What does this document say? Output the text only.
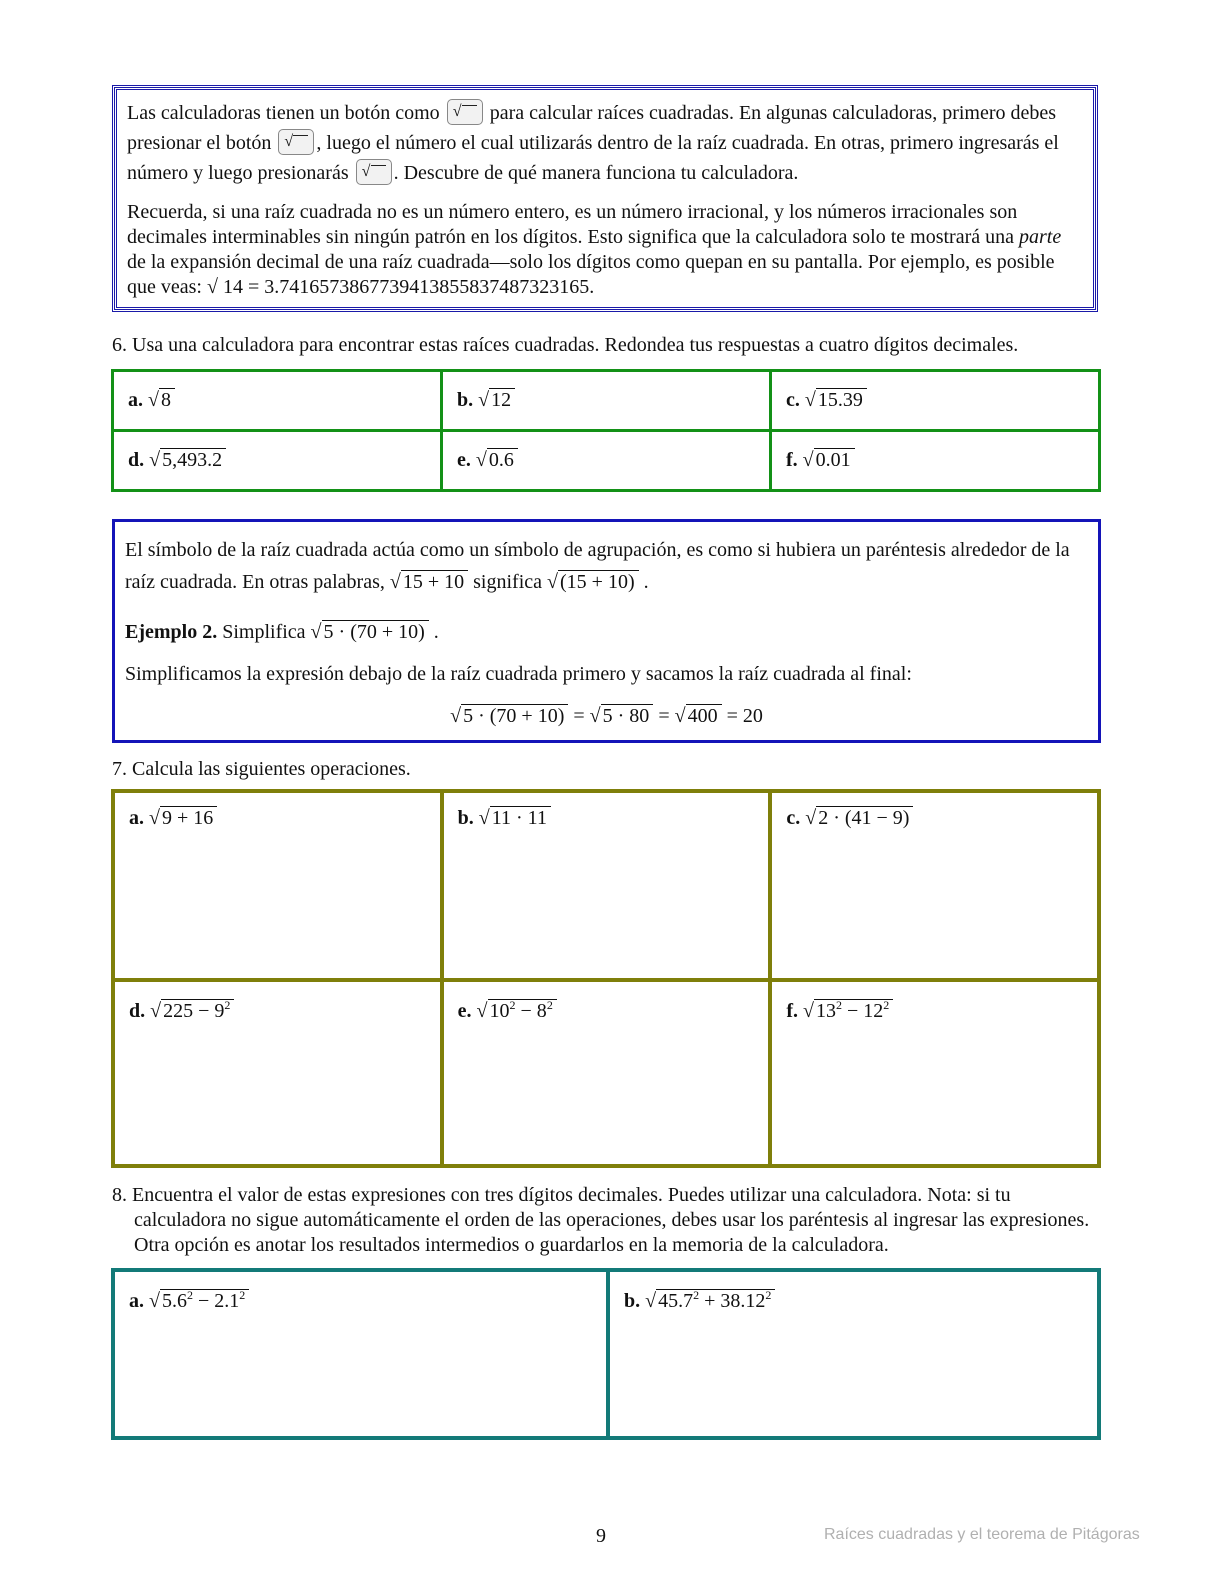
Las calculadoras tienen un botón como √ para calcular raíces cuadradas. En algunas calculadoras, primero debes presionar el botón √ , luego el número el cual utilizarás dentro de la raíz cuadrada. En otras, primero ingresarás el número y luego presionarás √ . Descubre de qué manera funciona tu calculadora.

Recuerda, si una raíz cuadrada no es un número entero, es un número irracional, y los números irracionales son decimales interminables sin ningún patrón en los dígitos. Esto significa que la calculadora solo te mostrará una parte de la expansión decimal de una raíz cuadrada—solo los dígitos como quepan en su pantalla. Por ejemplo, es posible que veas: √ 14 = 3.7416573867739413855837487323165.

6. Usa una calculadora para encontrar estas raíces cuadradas. Redondea tus respuestas a cuatro dígitos decimales.
a. √ 8	b. √ 12	c. √ 15.39
d. √ 5,493.2	e. √ 0.6	f. √ 0.01

El símbolo de la raíz cuadrada actúa como un símbolo de agrupación, es como si hubiera un paréntesis alrededor de la raíz cuadrada. En otras palabras, √ 15 + 10 significa √ (15 + 10) .

Ejemplo 2. Simplifica √ 5 · (70 + 10) .

Simplificamos la expresión debajo de la raíz cuadrada primero y sacamos la raíz cuadrada al final:

√ 5 · (70 + 10) = √ 5 · 80 = √ 400 = 20

7. Calcula las siguientes operaciones.
a. √ 9 + 16	b. √ 11 · 11	c. √ 2 · (41 − 9)
d. √ $225 - 9^2$	e. √ $10^2 - 8^2$	f. √ $13^2 - 12^2$
8. Encuentra el valor de estas expresiones con tres dígitos decimales. Puedes utilizar una calculadora. Nota: si tu calculadora no sigue automáticamente el orden de las operaciones, debes usar los paréntesis al ingresar las expresiones. Otra opción es anotar los resultados intermedios o guardarlos en la memoria de la calculadora.
a. √ $5.6^2 - 2.1^2$	b. √ $45.7^2 + 38.12^2$
9	Raíces cuadradas y el teorema de Pitágoras
